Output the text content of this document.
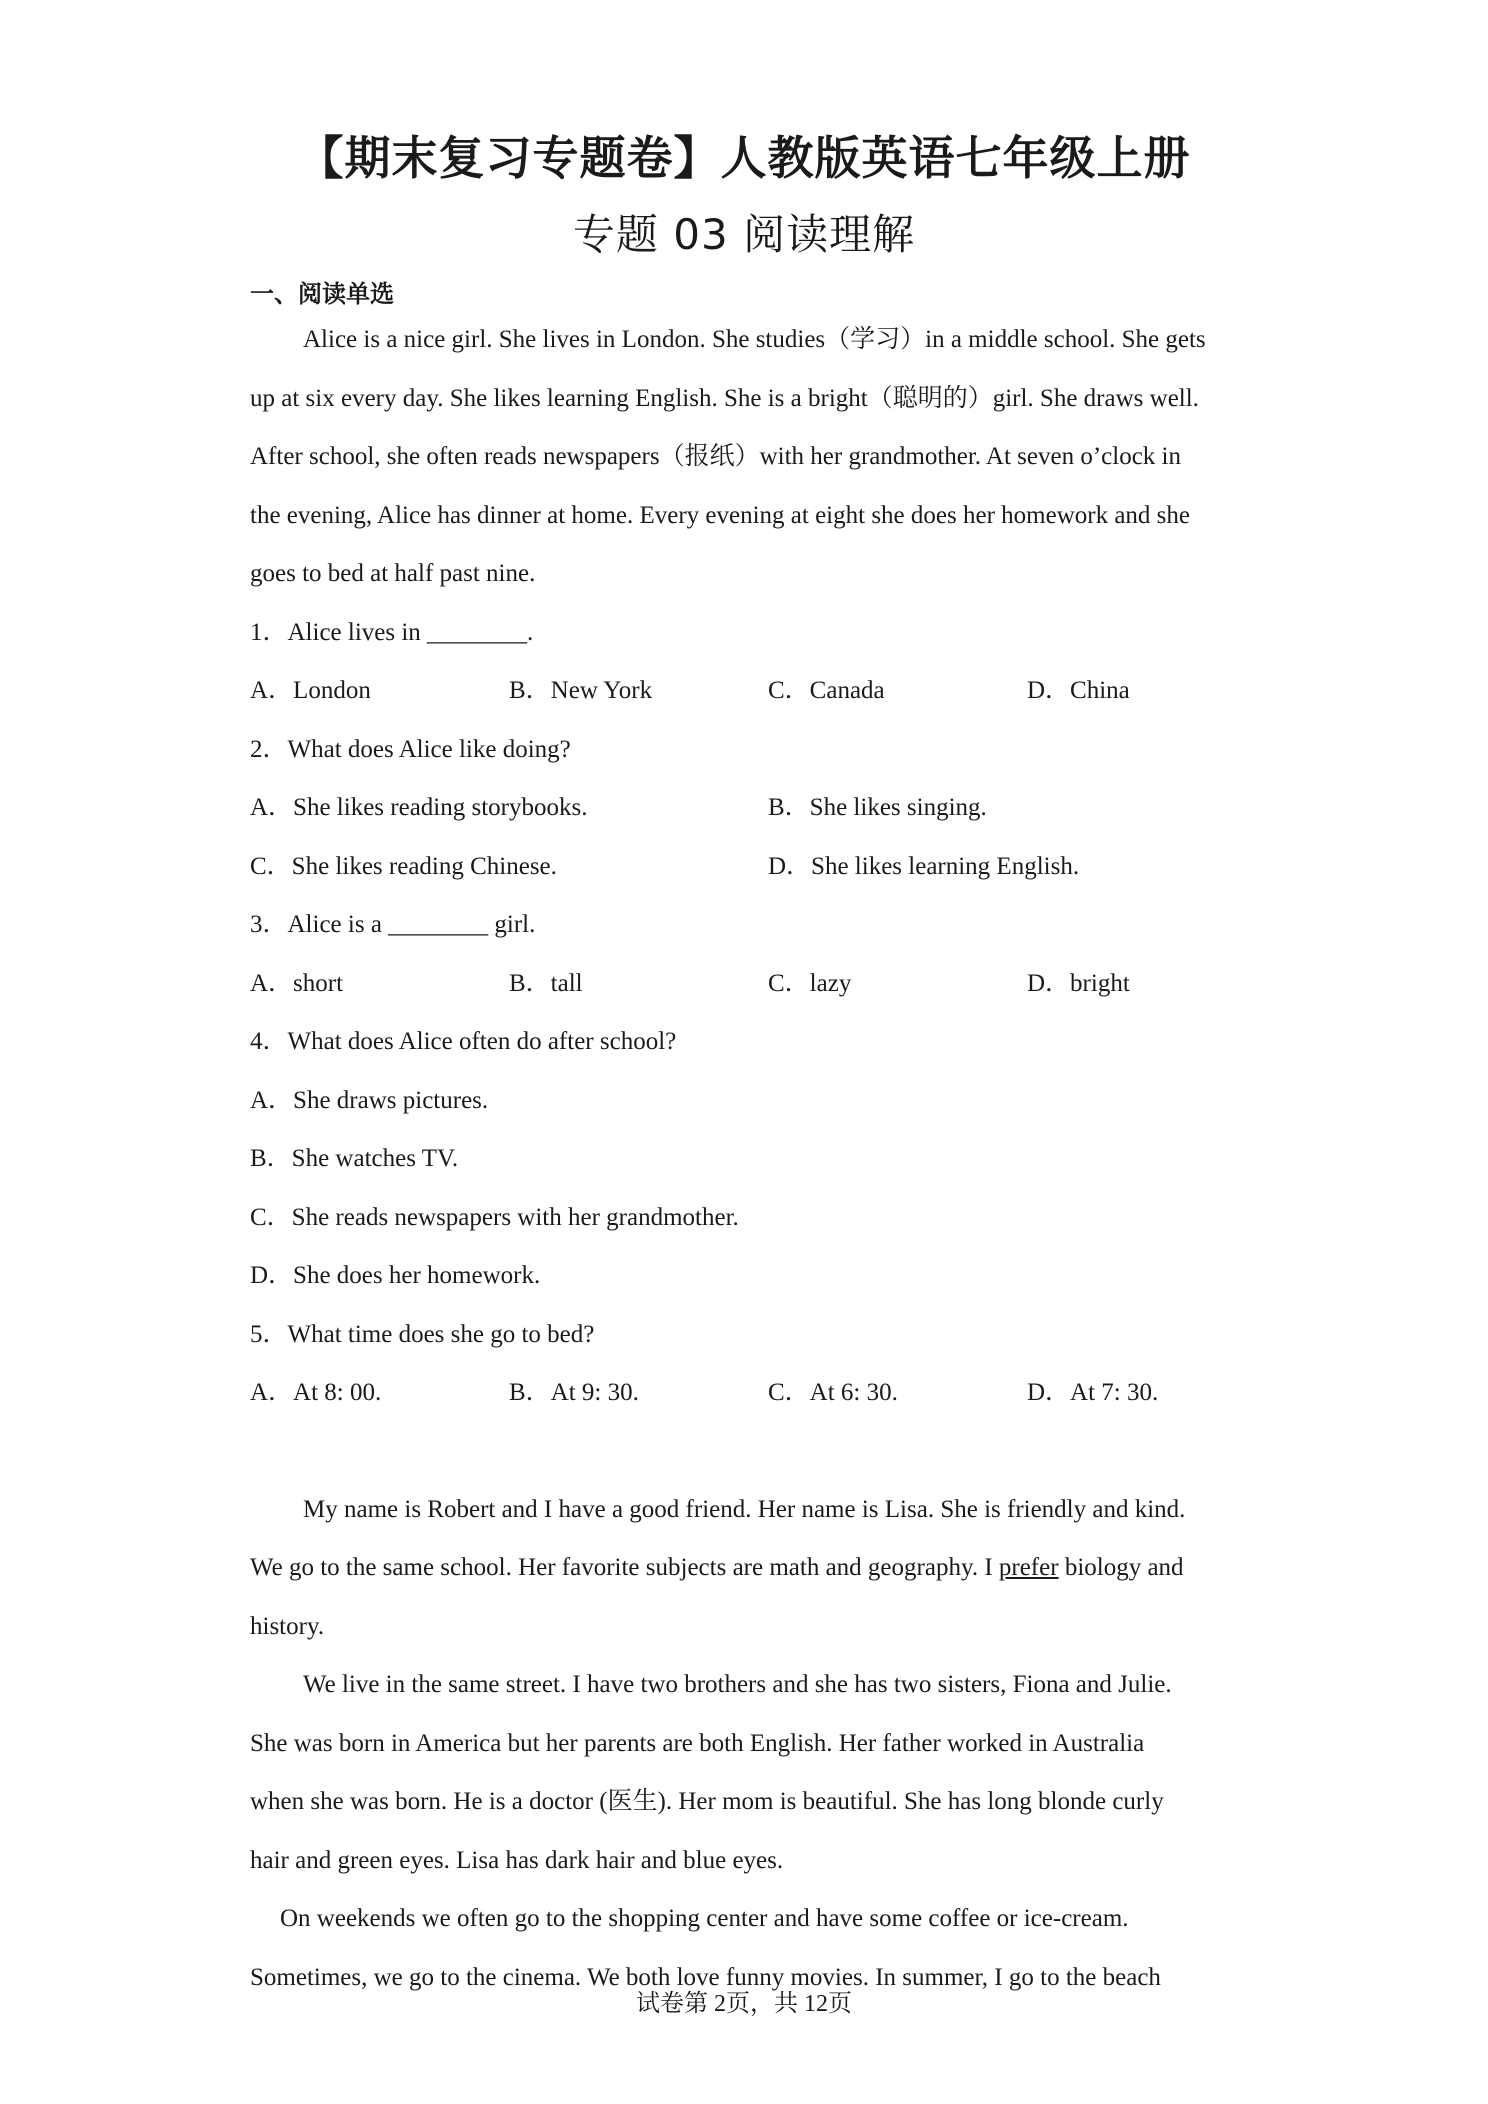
【期末复习专题卷】人教版英语七年级上册
专题 03 阅读理解
一、阅读单选
Alice is a nice girl. She lives in London. She studies（学习）in a middle school. She gets
up at six every day. She likes learning English. She is a bright（聪明的）girl. She draws well.
After school, she often reads newspapers（报纸）with her grandmother. At seven o’clock in
the evening, Alice has dinner at home. Every evening at eight she does her homework and she
goes to bed at half past nine.
1．Alice lives in ________.
A．London	B．New York	C．Canada	D．China
2．What does Alice like doing?
A．She likes reading storybooks.	B．She likes singing.
C．She likes reading Chinese.	D．She likes learning English.
3．Alice is a ________ girl.
A．short	B．tall	C．lazy	D．bright
4．What does Alice often do after school?
A．She draws pictures.
B．She watches TV.
C．She reads newspapers with her grandmother.
D．She does her homework.
5．What time does she go to bed?
A．At 8: 00.	B．At 9: 30.	C．At 6: 30.	D．At 7: 30.
My name is Robert and I have a good friend. Her name is Lisa. She is friendly and kind.
We go to the same school. Her favorite subjects are math and geography. I prefer biology and
history.
We live in the same street. I have two brothers and she has two sisters, Fiona and Julie.
She was born in America but her parents are both English. Her father worked in Australia
when she was born. He is a doctor (医生). Her mom is beautiful. She has long blonde curly
hair and green eyes. Lisa has dark hair and blue eyes.
On weekends we often go to the shopping center and have some coffee or ice-cream.
Sometimes, we go to the cinema. We both love funny movies. In summer, I go to the beach
试卷第 2页，共 12页
